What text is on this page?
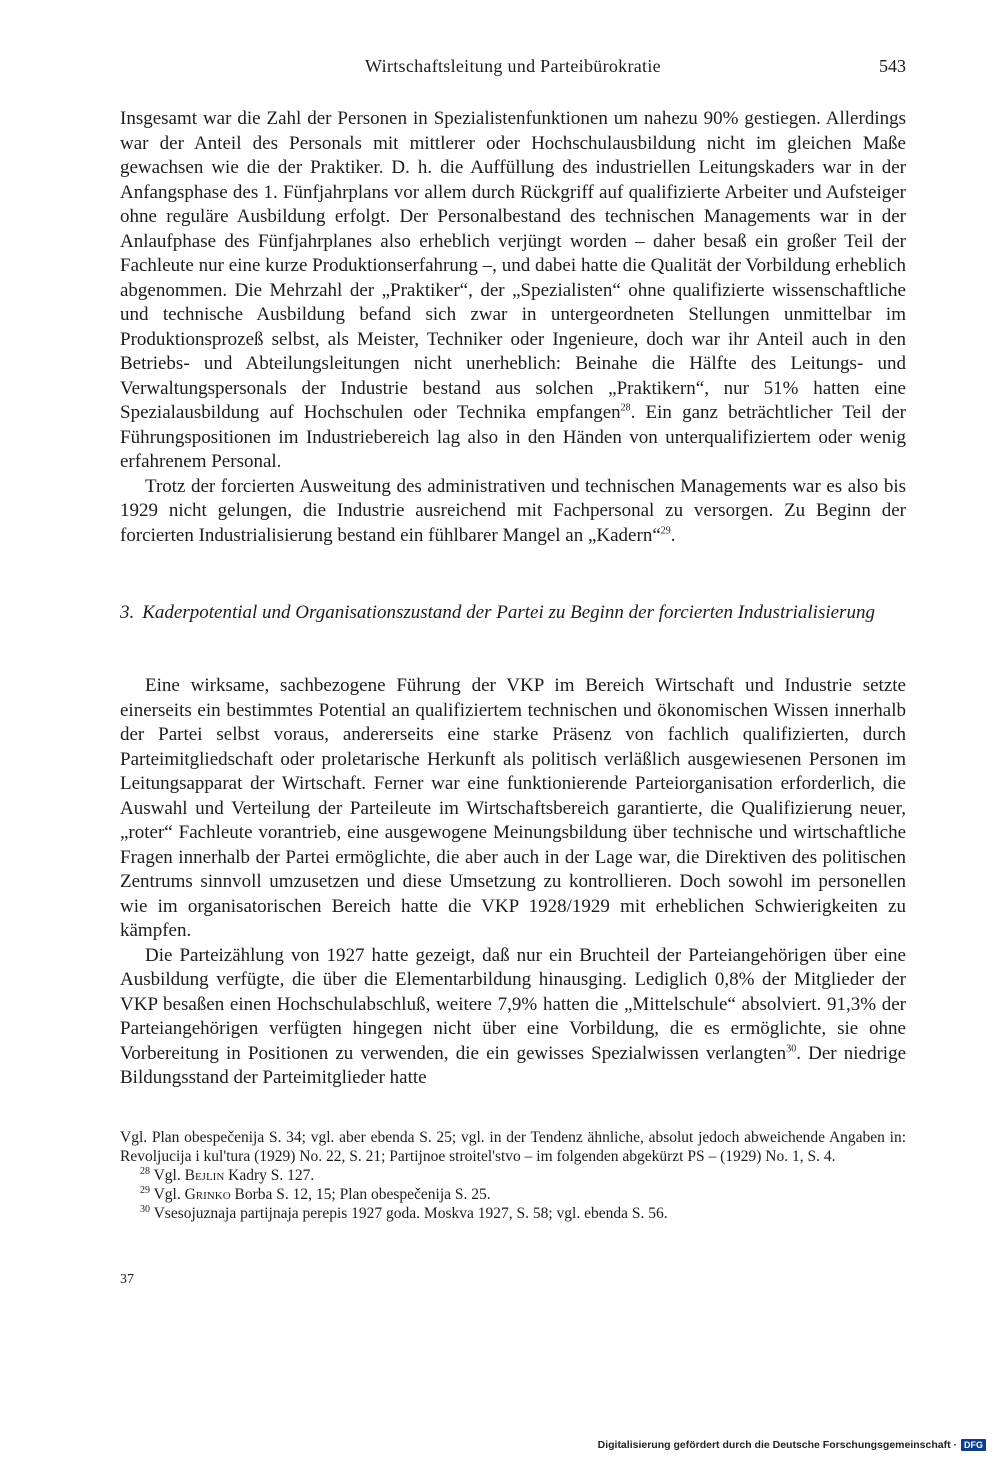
Wirtschaftsleitung und Parteibürokratie	543

Insgesamt war die Zahl der Personen in Spezialistenfunktionen um nahezu 90% gestiegen. Allerdings war der Anteil des Personals mit mittlerer oder Hochschulausbildung nicht im gleichen Maße gewachsen wie die der Praktiker. D. h. die Auffüllung des industriellen Leitungskaders war in der Anfangsphase des 1. Fünfjahrplans vor allem durch Rückgriff auf qualifizierte Arbeiter und Aufsteiger ohne reguläre Ausbildung erfolgt. Der Personalbestand des technischen Managements war in der Anlaufphase des Fünfjahrplanes also erheblich verjüngt worden – daher besaß ein großer Teil der Fachleute nur eine kurze Produktionserfahrung –, und dabei hatte die Qualität der Vorbildung erheblich abgenommen. Die Mehrzahl der „Praktiker“, der „Spezialisten“ ohne qualifizierte wissenschaftliche und technische Ausbildung befand sich zwar in untergeordneten Stellungen unmittelbar im Produktionsprozeß selbst, als Meister, Techniker oder Ingenieure, doch war ihr Anteil auch in den Betriebs- und Abteilungsleitungen nicht unerheblich: Beinahe die Hälfte des Leitungs- und Verwaltungspersonals der Industrie bestand aus solchen „Praktikern“, nur 51% hatten eine Spezialausbildung auf Hochschulen oder Technika empfangen$^{28}$. Ein ganz beträchtlicher Teil der Führungspositionen im Industriebereich lag also in den Händen von unterqualifiziertem oder wenig erfahrenem Personal.

Trotz der forcierten Ausweitung des administrativen und technischen Managements war es also bis 1929 nicht gelungen, die Industrie ausreichend mit Fachpersonal zu versorgen. Zu Beginn der forcierten Industrialisierung bestand ein fühlbarer Mangel an „Kadern“$^{29}$.

3. Kaderpotential und Organisationszustand der Partei zu Beginn der forcierten Industrialisierung

Eine wirksame, sachbezogene Führung der VKP im Bereich Wirtschaft und Industrie setzte einerseits ein bestimmtes Potential an qualifiziertem technischen und ökonomischen Wissen innerhalb der Partei selbst voraus, andererseits eine starke Präsenz von fachlich qualifizierten, durch Parteimitgliedschaft oder proletarische Herkunft als politisch verläßlich ausgewiesenen Personen im Leitungsapparat der Wirtschaft. Ferner war eine funktionierende Parteiorganisation erforderlich, die Auswahl und Verteilung der Parteileute im Wirtschaftsbereich garantierte, die Qualifizierung neuer, „roter“ Fachleute vorantrieb, eine ausgewogene Meinungsbildung über technische und wirtschaftliche Fragen innerhalb der Partei ermöglichte, die aber auch in der Lage war, die Direktiven des politischen Zentrums sinnvoll umzusetzen und diese Umsetzung zu kontrollieren. Doch sowohl im personellen wie im organisatorischen Bereich hatte die VKP 1928/1929 mit erheblichen Schwierigkeiten zu kämpfen.

Die Parteizählung von 1927 hatte gezeigt, daß nur ein Bruchteil der Parteiangehörigen über eine Ausbildung verfügte, die über die Elementarbildung hinausging. Lediglich 0,8% der Mitglieder der VKP besaßen einen Hochschulabschluß, weitere 7,9% hatten die „Mittelschule“ absolviert. 91,3% der Parteiangehörigen verfügten hingegen nicht über eine Vorbildung, die es ermöglichte, sie ohne Vorbereitung in Positionen zu verwenden, die ein gewisses Spezialwissen verlangten$^{30}$. Der niedrige Bildungsstand der Parteimitglieder hatte

Vgl. Plan obespečenija S. 34; vgl. aber ebenda S. 25; vgl. in der Tendenz ähnliche, absolut jedoch abweichende Angaben in: Revoljucija i kul'tura (1929) No. 22, S. 21; Partijnoe stroitel'stvo – im folgenden abgekürzt PS – (1929) No. 1, S. 4.

$^{28}$ Vgl. Bejlin Kadry S. 127.

$^{29}$ Vgl. Grinko Borba S. 12, 15; Plan obespečenija S. 25.

$^{30}$ Vsesojuznaja partijnaja perepis 1927 goda. Moskva 1927, S. 58; vgl. ebenda S. 56.

37
Digitalisierung gefördert durch die Deutsche Forschungsgemeinschaft · DFG
